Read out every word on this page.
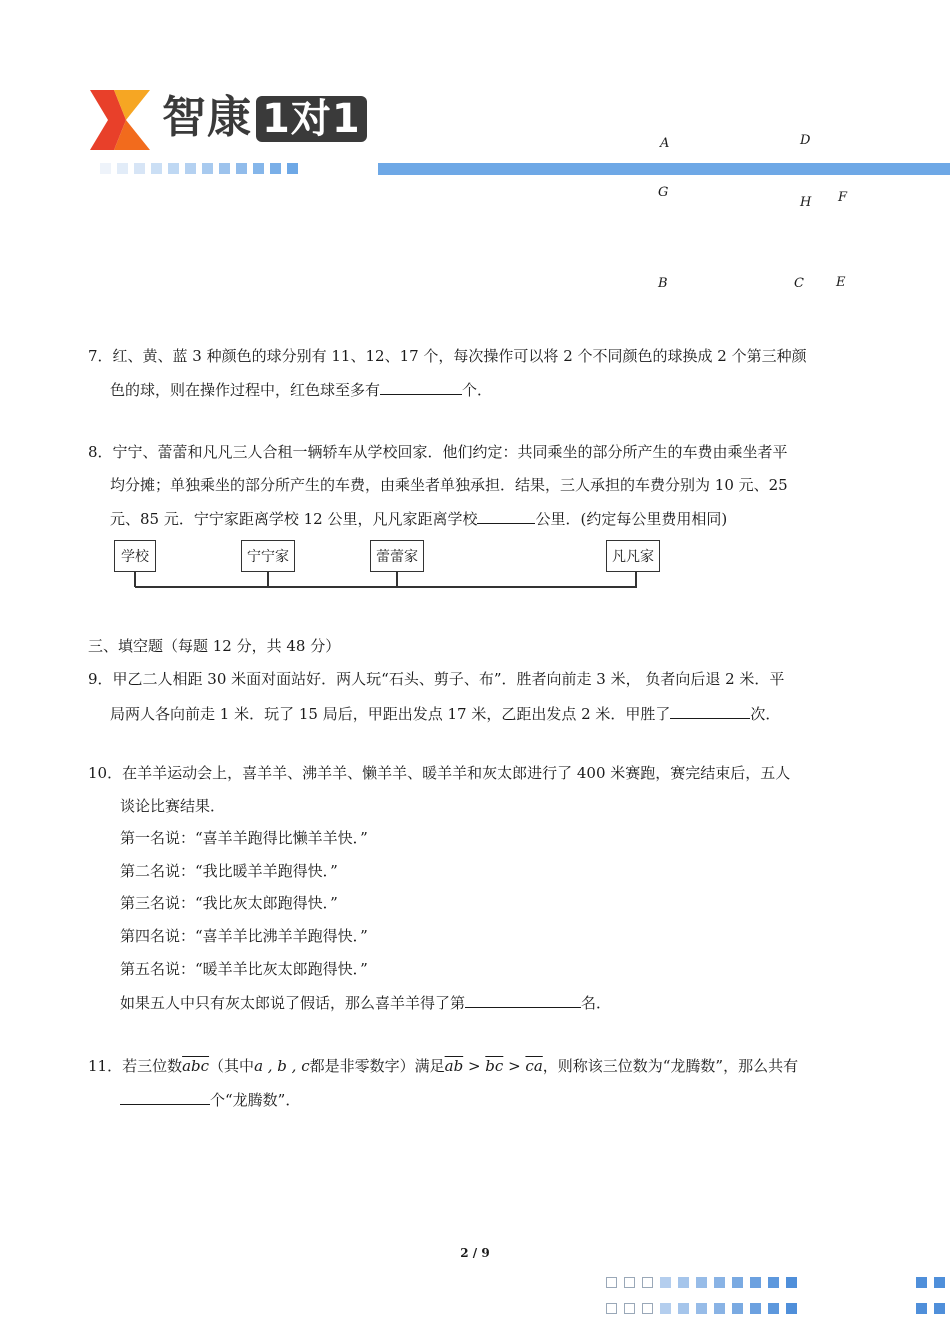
智康 1对1
A	D
G
H F
B	C E
7．红、黄、蓝 3 种颜色的球分别有 11、12、17 个，每次操作可以将 2 个不同颜色的球换成 2 个第三种颜
色的球，则在操作过程中，红色球至多有	个．
8．宁宁、蕾蕾和凡凡三人合租一辆轿车从学校回家．他们约定：共同乘坐的部分所产生的车费由乘坐者平
均分摊；单独乘坐的部分所产生的车费，由乘坐者单独承担．结果，三人承担的车费分别为 10 元、25
元、85 元．宁宁家距离学校 12 公里，凡凡家距离学校	公里．(约定每公里费用相同)
学校	宁宁家	蕾蕾家	凡凡家
三、填空题（每题 12 分，共 48 分）
9．甲乙二人相距 30 米面对面站好．两人玩“石头、剪子、布”．胜者向前走 3 米， 负者向后退 2 米．平
局两人各向前走 1 米．玩了 15 局后，甲距出发点 17 米，乙距出发点 2 米．甲胜了	次．
10．在羊羊运动会上，喜羊羊、沸羊羊、懒羊羊、暖羊羊和灰太郎进行了 400 米赛跑，赛完结束后，五人
谈论比赛结果．
第一名说：“喜羊羊跑得比懒羊羊快．”
第二名说：“我比暖羊羊跑得快．”
第三名说：“我比灰太郎跑得快．”
第四名说：“喜羊羊比沸羊羊跑得快．”
第五名说：“暖羊羊比灰太郎跑得快．”
如果五人中只有灰太郎说了假话，那么喜羊羊得了第	名．
11．若三位数$\overline{abc}$（其中a , b , c都是非零数字）满足$\overline{ab} > \overline{bc} > \overline{ca}$，则称该三位数为“龙腾数”，那么共有
个“龙腾数”．
2 / 9
